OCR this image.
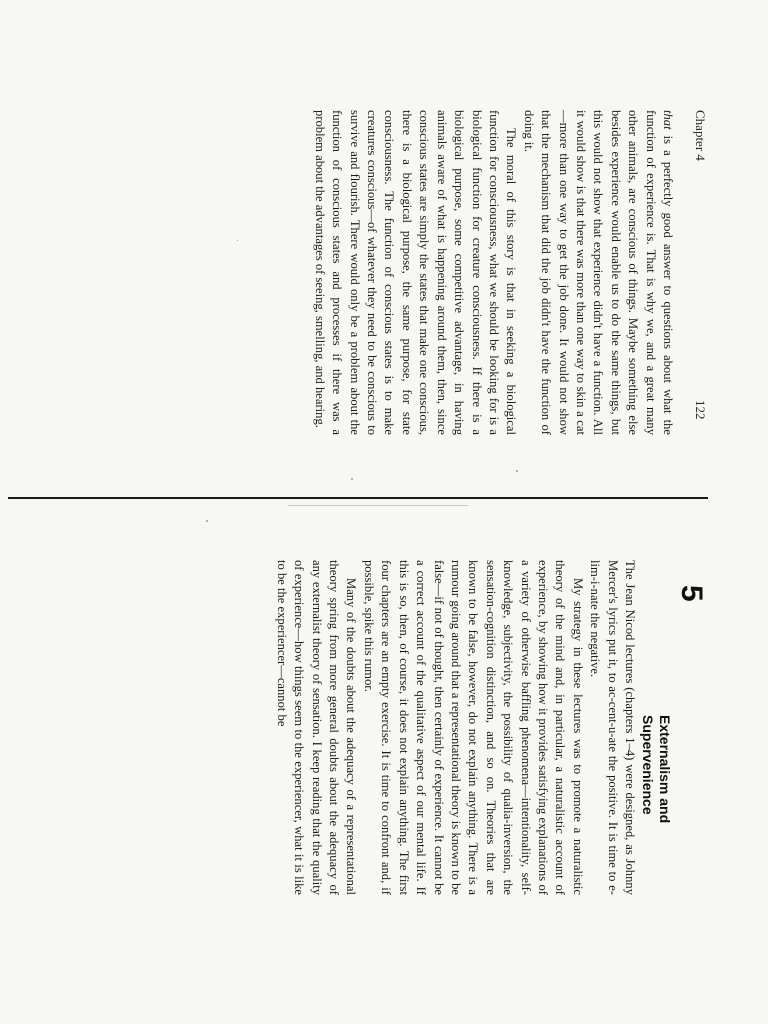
Chapter 4
122

that is a perfectly good answer to questions about what the function of experience is. That is why we, and a great many other animals, are conscious of things. Maybe something else besides experience would enable us to do the same things, but this would not show that experience didn't have a function. All it would show is that there was more than one way to skin a cat—more than one way to get the job done. It would not show that the mechanism that did the job didn't have the function of doing it.

The moral of this story is that in seeking a biological function for consciousness, what we should be looking for is a biological function for creature consciousness. If there is a biological purpose, some competitive advantage, in having animals aware of what is happening around them, then, since conscious states are simply the states that make one conscious, there is a biological purpose, the same purpose, for state consciousness. The function of conscious states is to make creatures conscious—of whatever they need to be conscious to survive and flourish. There would only be a problem about the function of conscious states and processes if there was a problem about the advantages of seeing, smelling, and hearing.

5
Externalism and
Supervenience

The Jean Nicod lectures (chapters 1–4) were designed, as Johnny Mercer's lyrics put it, to ac-cent-u-ate the positive. It is time to e-lim-i-nate the negative.

My strategy in these lectures was to promote a naturalistic theory of the mind and, in particular, a naturalistic account of experience, by showing how it provides satisfying explanations of a variety of otherwise baffling phenomena—intentionality, self-knowledge, subjectivity, the possibility of qualia-inversion, the sensation-cognition distinction, and so on. Theories that are known to be false, however, do not explain anything. There is a rumour going around that a representational theory is known to be false—if not of thought, then certainly of experience. It cannot be a correct account of the qualitative aspect of our mental life. If this is so, then, of course, it does not explain anything. The first four chapters are an empty exercise. It is time to confront and, if possible, spike this rumor.

Many of the doubts about the adequacy of a representational theory spring from more general doubts about the adequacy of any externalist theory of sensation. I keep reading that the quality of experience—how things seem to the experiencer, what it is like to be the experiencer—cannot be
